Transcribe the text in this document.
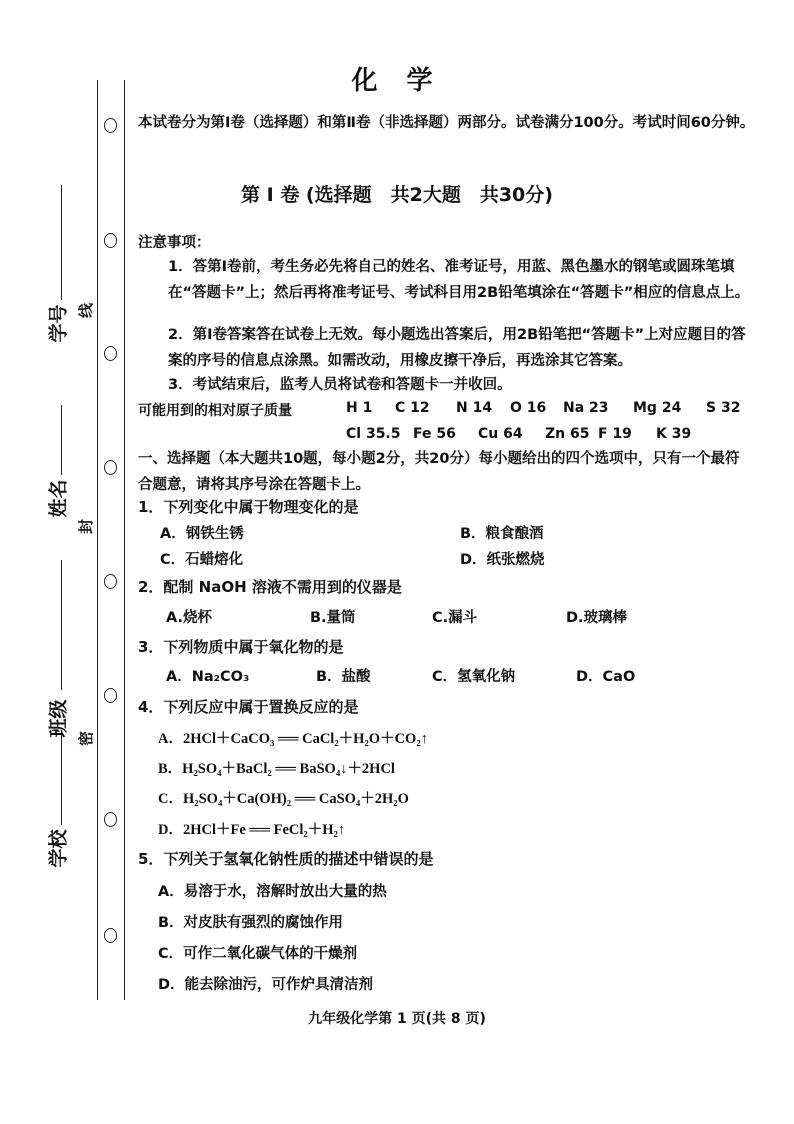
学号
姓名
班级
学校
线
封
密
化 学
本试卷分为第Ⅰ卷（选择题）和第Ⅱ卷（非选择题）两部分。试卷满分100分。考试时间60分钟。
第 Ⅰ 卷 (选择题　共2大题　共30分)
注意事项：
1．答第Ⅰ卷前，考生务必先将自己的姓名、准考证号，用蓝、黑色墨水的钢笔或圆珠笔填在“答题卡”上；然后再将准考证号、考试科目用2B铅笔填涂在“答题卡”相应的信息点上。
2．第Ⅰ卷答案答在试卷上无效。每小题选出答案后，用2B铅笔把“答题卡”上对应题目的答案的序号的信息点涂黑。如需改动，用橡皮擦干净后，再选涂其它答案。
3．考试结束后，监考人员将试卷和答题卡一并收回。
可能用到的相对原子质量	H 1 C 12 N 14 O 16 Na 23 Mg 24 S 32
Cl 35.5 Fe 56 Cu 64 Zn 65 F 19 K 39
一、选择题（本大题共10题，每小题2分，共20分）每小题给出的四个选项中，只有一个最符合题意，请将其序号涂在答题卡上。
1．下列变化中属于物理变化的是
A．钢铁生锈	B．粮食酿酒
C．石蜡熔化	D．纸张燃烧
2．配制 NaOH 溶液不需用到的仪器是
A.烧杯	B.量筒	C.漏斗	D.玻璃棒
3．下列物质中属于氧化物的是
A．Na₂CO₃	B．盐酸	C．氢氧化钠	D．CaO
4．下列反应中属于置换反应的是
A．2HCl＋CaCO₃ ══ CaCl₂＋H₂O＋CO₂↑
B．H₂SO₄＋BaCl₂ ══ BaSO₄↓＋2HCl
C．H₂SO₄＋Ca(OH)₂ ══ CaSO₄＋2H₂O
D．2HCl＋Fe ══ FeCl₂＋H₂↑
5．下列关于氢氧化钠性质的描述中错误的是
A．易溶于水，溶解时放出大量的热
B．对皮肤有强烈的腐蚀作用
C．可作二氧化碳气体的干燥剂
D．能去除油污，可作炉具清洁剂
九年级化学第 1 页(共 8 页)
